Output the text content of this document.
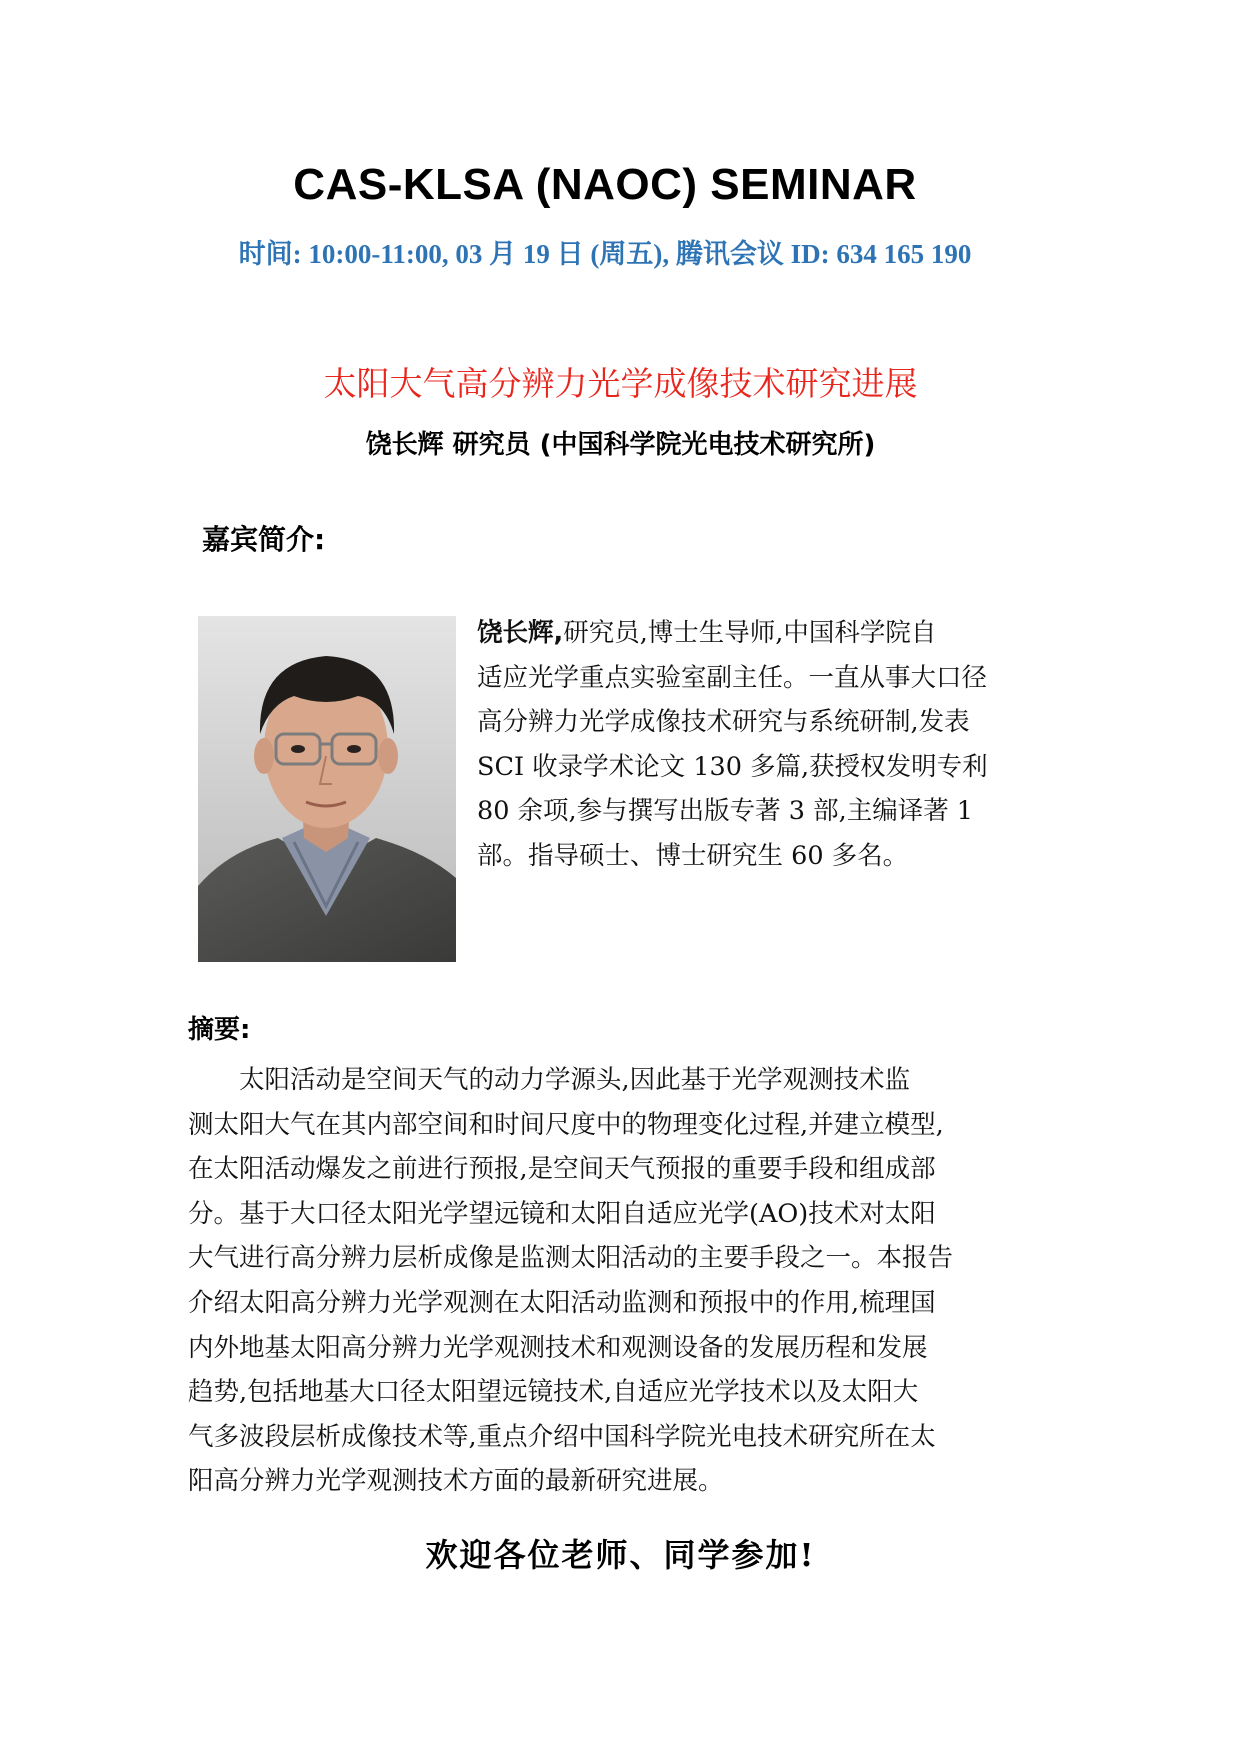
CAS-KLSA (NAOC) SEMINAR
时间: 10:00-11:00, 03 月 19 日 (周五), 腾讯会议 ID: 634 165 190
太阳大气高分辨力光学成像技术研究进展
饶长辉 研究员 (中国科学院光电技术研究所)
嘉宾简介:
饶长辉,研究员,博士生导师,中国科学院自
适应光学重点实验室副主任。一直从事大口径
高分辨力光学成像技术研究与系统研制,发表
SCI 收录学术论文 130 多篇,获授权发明专利
80 余项,参与撰写出版专著 3 部,主编译著 1
部。指导硕士、博士研究生 60 多名。
摘要:
　　太阳活动是空间天气的动力学源头,因此基于光学观测技术监
测太阳大气在其内部空间和时间尺度中的物理变化过程,并建立模型,
在太阳活动爆发之前进行预报,是空间天气预报的重要手段和组成部
分。基于大口径太阳光学望远镜和太阳自适应光学(AO)技术对太阳
大气进行高分辨力层析成像是监测太阳活动的主要手段之一。本报告
介绍太阳高分辨力光学观测在太阳活动监测和预报中的作用,梳理国
内外地基太阳高分辨力光学观测技术和观测设备的发展历程和发展
趋势,包括地基大口径太阳望远镜技术,自适应光学技术以及太阳大
气多波段层析成像技术等,重点介绍中国科学院光电技术研究所在太
阳高分辨力光学观测技术方面的最新研究进展。
欢迎各位老师、同学参加!
